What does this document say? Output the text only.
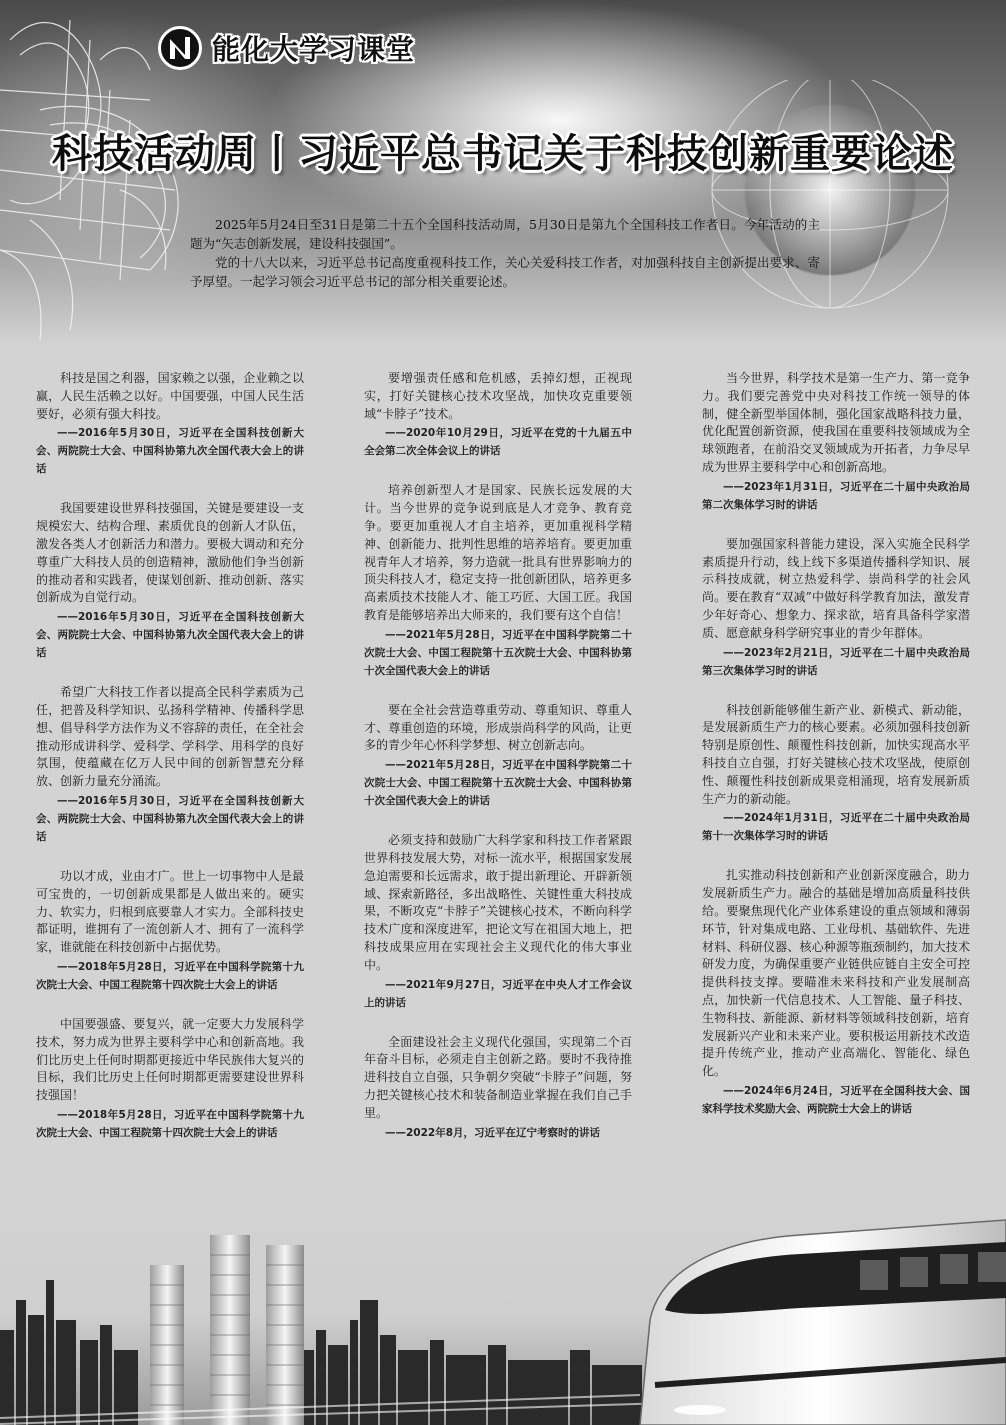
能化大学习课堂
科技活动周丨习近平总书记关于科技创新重要论述

2025年5月24日至31日是第二十五个全国科技活动周，5月30日是第九个全国科技工作者日。今年活动的主题为“矢志创新发展，建设科技强国”。

党的十八大以来，习近平总书记高度重视科技工作，关心关爱科技工作者，对加强科技自主创新提出要求、寄予厚望。一起学习领会习近平总书记的部分相关重要论述。

科技是国之利器，国家赖之以强，企业赖之以赢，人民生活赖之以好。中国要强，中国人民生活要好，必须有强大科技。

——2016年5月30日，习近平在全国科技创新大会、两院院士大会、中国科协第九次全国代表大会上的讲话

我国要建设世界科技强国，关键是要建设一支规模宏大、结构合理、素质优良的创新人才队伍，激发各类人才创新活力和潜力。要极大调动和充分尊重广大科技人员的创造精神，激励他们争当创新的推动者和实践者，使谋划创新、推动创新、落实创新成为自觉行动。

——2016年5月30日，习近平在全国科技创新大会、两院院士大会、中国科协第九次全国代表大会上的讲话

希望广大科技工作者以提高全民科学素质为己任，把普及科学知识、弘扬科学精神、传播科学思想、倡导科学方法作为义不容辞的责任，在全社会推动形成讲科学、爱科学、学科学、用科学的良好氛围，使蕴藏在亿万人民中间的创新智慧充分释放、创新力量充分涌流。

——2016年5月30日，习近平在全国科技创新大会、两院院士大会、中国科协第九次全国代表大会上的讲话

功以才成，业由才广。世上一切事物中人是最可宝贵的，一切创新成果都是人做出来的。硬实力、软实力，归根到底要靠人才实力。全部科技史都证明，谁拥有了一流创新人才、拥有了一流科学家，谁就能在科技创新中占据优势。

——2018年5月28日，习近平在中国科学院第十九次院士大会、中国工程院第十四次院士大会上的讲话

中国要强盛、要复兴，就一定要大力发展科学技术，努力成为世界主要科学中心和创新高地。我们比历史上任何时期都更接近中华民族伟大复兴的目标，我们比历史上任何时期都更需要建设世界科技强国！

——2018年5月28日，习近平在中国科学院第十九次院士大会、中国工程院第十四次院士大会上的讲话

要增强责任感和危机感，丢掉幻想，正视现实，打好关键核心技术攻坚战，加快攻克重要领域“卡脖子”技术。

——2020年10月29日，习近平在党的十九届五中全会第二次全体会议上的讲话

培养创新型人才是国家、民族长远发展的大计。当今世界的竞争说到底是人才竞争、教育竞争。要更加重视人才自主培养，更加重视科学精神、创新能力、批判性思维的培养培育。要更加重视青年人才培养，努力造就一批具有世界影响力的顶尖科技人才，稳定支持一批创新团队，培养更多高素质技术技能人才、能工巧匠、大国工匠。我国教育是能够培养出大师来的，我们要有这个自信！

——2021年5月28日，习近平在中国科学院第二十次院士大会、中国工程院第十五次院士大会、中国科协第十次全国代表大会上的讲话

要在全社会营造尊重劳动、尊重知识、尊重人才、尊重创造的环境，形成崇尚科学的风尚，让更多的青少年心怀科学梦想、树立创新志向。

——2021年5月28日，习近平在中国科学院第二十次院士大会、中国工程院第十五次院士大会、中国科协第十次全国代表大会上的讲话

必须支持和鼓励广大科学家和科技工作者紧跟世界科技发展大势，对标一流水平，根据国家发展急迫需要和长远需求，敢于提出新理论、开辟新领域、探索新路径，多出战略性、关键性重大科技成果，不断攻克“卡脖子”关键核心技术，不断向科学技术广度和深度进军，把论文写在祖国大地上，把科技成果应用在实现社会主义现代化的伟大事业中。

——2021年9月27日，习近平在中央人才工作会议上的讲话

全面建设社会主义现代化强国，实现第二个百年奋斗目标，必须走自主创新之路。要时不我待推进科技自立自强，只争朝夕突破“卡脖子”问题，努力把关键核心技术和装备制造业掌握在我们自己手里。

——2022年8月，习近平在辽宁考察时的讲话

当今世界，科学技术是第一生产力、第一竞争力。我们要完善党中央对科技工作统一领导的体制，健全新型举国体制，强化国家战略科技力量，优化配置创新资源，使我国在重要科技领域成为全球领跑者，在前沿交叉领域成为开拓者，力争尽早成为世界主要科学中心和创新高地。

——2023年1月31日，习近平在二十届中央政治局第二次集体学习时的讲话

要加强国家科普能力建设，深入实施全民科学素质提升行动，线上线下多渠道传播科学知识、展示科技成就，树立热爱科学、崇尚科学的社会风尚。要在教育“双减”中做好科学教育加法，激发青少年好奇心、想象力、探求欲，培育具备科学家潜质、愿意献身科学研究事业的青少年群体。

——2023年2月21日，习近平在二十届中央政治局第三次集体学习时的讲话

科技创新能够催生新产业、新模式、新动能，是发展新质生产力的核心要素。必须加强科技创新特别是原创性、颠覆性科技创新，加快实现高水平科技自立自强，打好关键核心技术攻坚战，使原创性、颠覆性科技创新成果竞相涌现，培育发展新质生产力的新动能。

——2024年1月31日，习近平在二十届中央政治局第十一次集体学习时的讲话

扎实推动科技创新和产业创新深度融合，助力发展新质生产力。融合的基础是增加高质量科技供给。要聚焦现代化产业体系建设的重点领域和薄弱环节，针对集成电路、工业母机、基础软件、先进材料、科研仪器、核心种源等瓶颈制约，加大技术研发力度，为确保重要产业链供应链自主安全可控提供科技支撑。要瞄准未来科技和产业发展制高点，加快新一代信息技术、人工智能、量子科技、生物科技、新能源、新材料等领域科技创新，培育发展新兴产业和未来产业。要积极运用新技术改造提升传统产业，推动产业高端化、智能化、绿色化。

——2024年6月24日，习近平在全国科技大会、国家科学技术奖励大会、两院院士大会上的讲话
